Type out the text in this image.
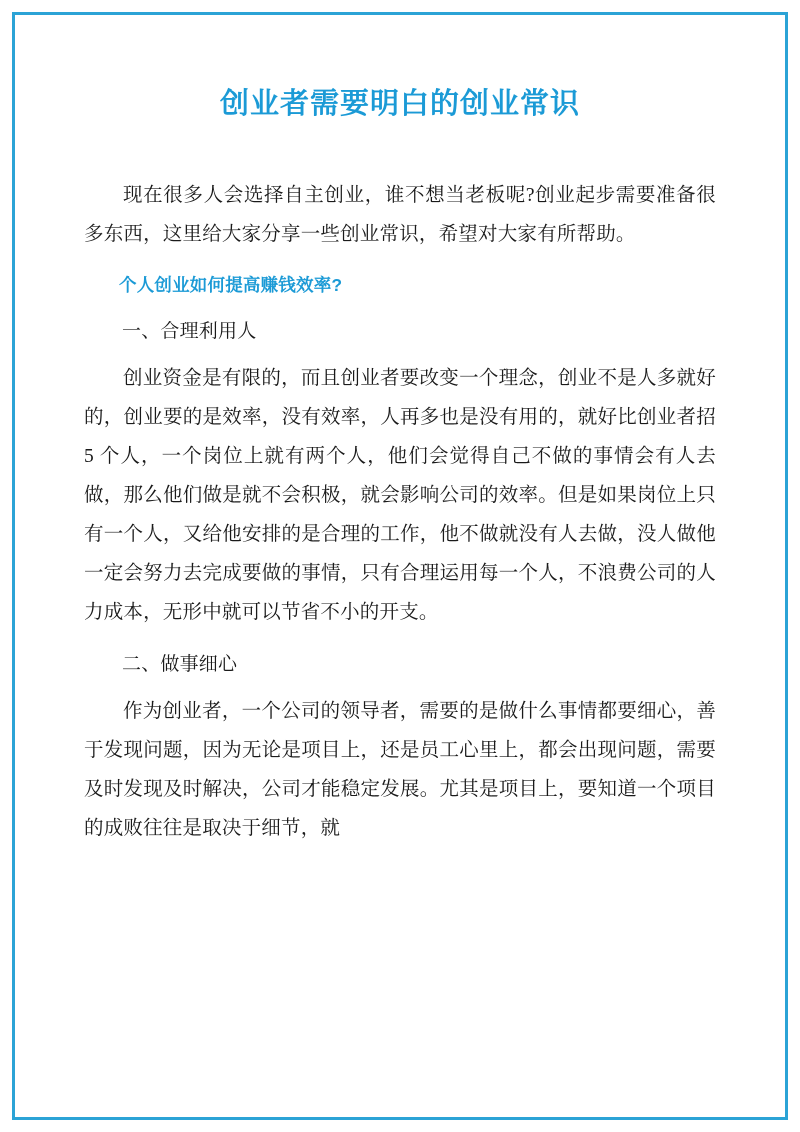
创业者需要明白的创业常识

现在很多人会选择自主创业，谁不想当老板呢?创业起步需要准备很多东西，这里给大家分享一些创业常识，希望对大家有所帮助。

个人创业如何提高赚钱效率?

一、合理利用人

创业资金是有限的，而且创业者要改变一个理念，创业不是人多就好的，创业要的是效率，没有效率，人再多也是没有用的，就好比创业者招 5 个人，一个岗位上就有两个人，他们会觉得自己不做的事情会有人去做，那么他们做是就不会积极，就会影响公司的效率。但是如果岗位上只有一个人，又给他安排的是合理的工作，他不做就没有人去做，没人做他一定会努力去完成要做的事情，只有合理运用每一个人，不浪费公司的人力成本，无形中就可以节省不小的开支。

二、做事细心

作为创业者，一个公司的领导者，需要的是做什么事情都要细心，善于发现问题，因为无论是项目上，还是员工心里上，都会出现问题，需要及时发现及时解决，公司才能稳定发展。尤其是项目上，要知道一个项目的成败往往是取决于细节，就
